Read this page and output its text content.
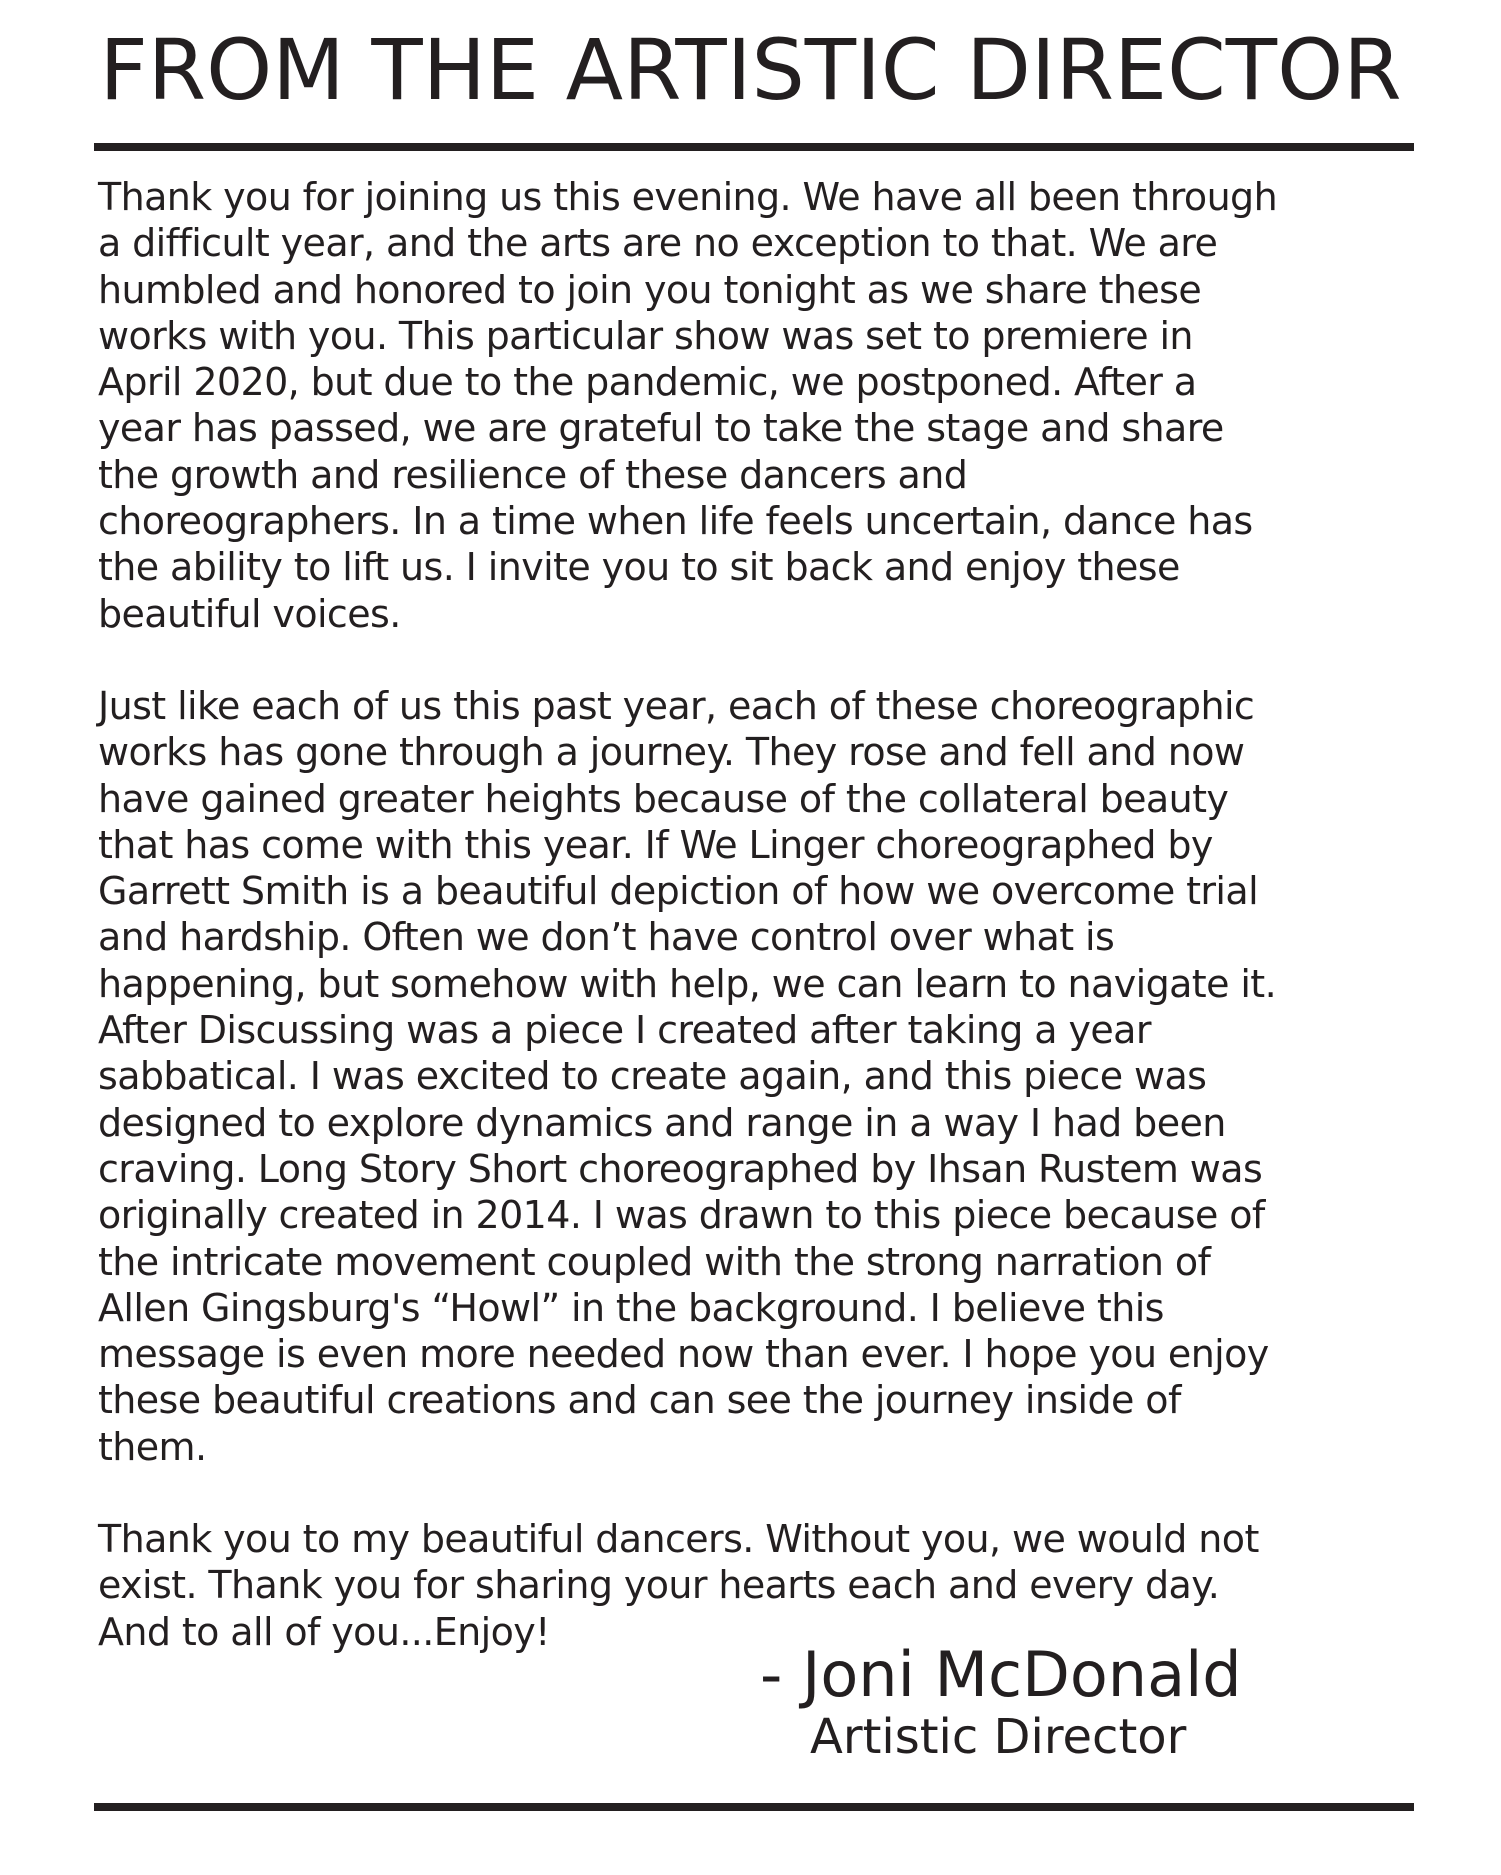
FROM THE ARTISTIC DIRECTOR

Thank you for joining us this evening. We have all been through
a difficult year, and the arts are no exception to that. We are
humbled and honored to join you tonight as we share these
works with you. This particular show was set to premiere in
April 2020, but due to the pandemic, we postponed. After a
year has passed, we are grateful to take the stage and share
the growth and resilience of these dancers and
choreographers. In a time when life feels uncertain, dance has
the ability to lift us. I invite you to sit back and enjoy these
beautiful voices.

Just like each of us this past year, each of these choreographic
works has gone through a journey. They rose and fell and now
have gained greater heights because of the collateral beauty
that has come with this year. If We Linger choreographed by
Garrett Smith is a beautiful depiction of how we overcome trial
and hardship. Often we don’t have control over what is
happening, but somehow with help, we can learn to navigate it.
After Discussing was a piece I created after taking a year
sabbatical. I was excited to create again, and this piece was
designed to explore dynamics and range in a way I had been
craving. Long Story Short choreographed by Ihsan Rustem was
originally created in 2014. I was drawn to this piece because of
the intricate movement coupled with the strong narration of
Allen Gingsburg's “Howl” in the background. I believe this
message is even more needed now than ever. I hope you enjoy
these beautiful creations and can see the journey inside of
them.

Thank you to my beautiful dancers. Without you, we would not
exist. Thank you for sharing your hearts each and every day.
And to all of you...Enjoy!

- Joni McDonald
Artistic Director
